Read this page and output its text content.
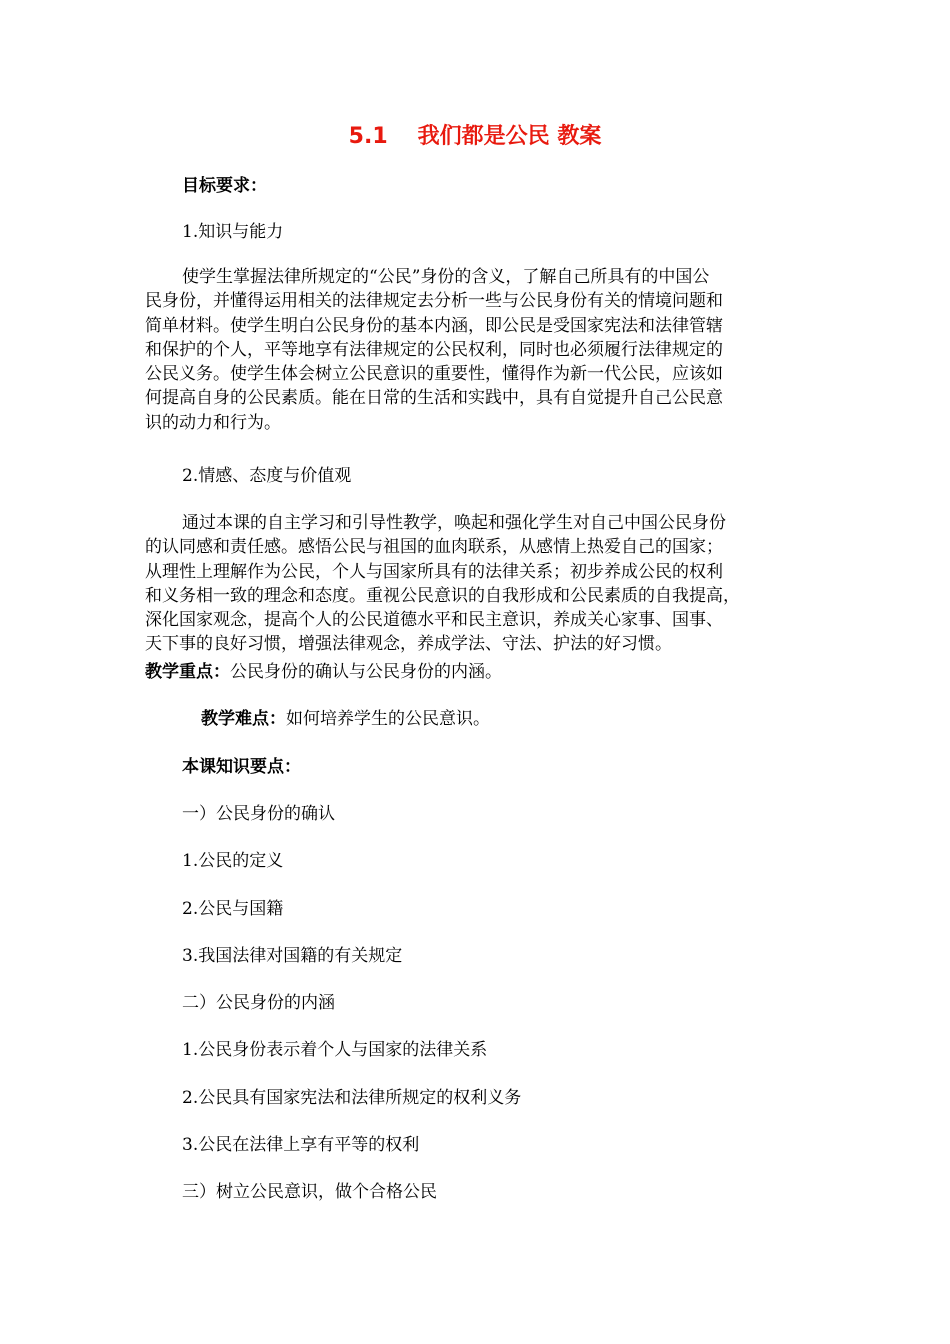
5.1 我们都是公民 教案
目标要求：
1.知识与能力

使学生掌握法律所规定的“公民”身份的含义，了解自己所具有的中国公

民身份，并懂得运用相关的法律规定去分析一些与公民身份有关的情境问题和

简单材料。使学生明白公民身份的基本内涵，即公民是受国家宪法和法律管辖

和保护的个人，平等地享有法律规定的公民权利，同时也必须履行法律规定的

公民义务。使学生体会树立公民意识的重要性，懂得作为新一代公民，应该如

何提高自身的公民素质。能在日常的生活和实践中，具有自觉提升自己公民意

识的动力和行为。

2.情感、态度与价值观

通过本课的自主学习和引导性教学，唤起和强化学生对自己中国公民身份

的认同感和责任感。感悟公民与祖国的血肉联系，从感情上热爱自己的国家；

从理性上理解作为公民，个人与国家所具有的法律关系；初步养成公民的权利

和义务相一致的理念和态度。重视公民意识的自我形成和公民素质的自我提高，

深化国家观念，提高个人的公民道德水平和民主意识，养成关心家事、国事、

天下事的良好习惯，增强法律观念，养成学法、守法、护法的好习惯。

教学重点：公民身份的确认与公民身份的内涵。
教学难点：如何培养学生的公民意识。
本课知识要点：
一）公民身份的确认
1.公民的定义
2.公民与国籍
3.我国法律对国籍的有关规定
二）公民身份的内涵
1.公民身份表示着个人与国家的法律关系
2.公民具有国家宪法和法律所规定的权利义务
3.公民在法律上享有平等的权利
三）树立公民意识，做个合格公民
